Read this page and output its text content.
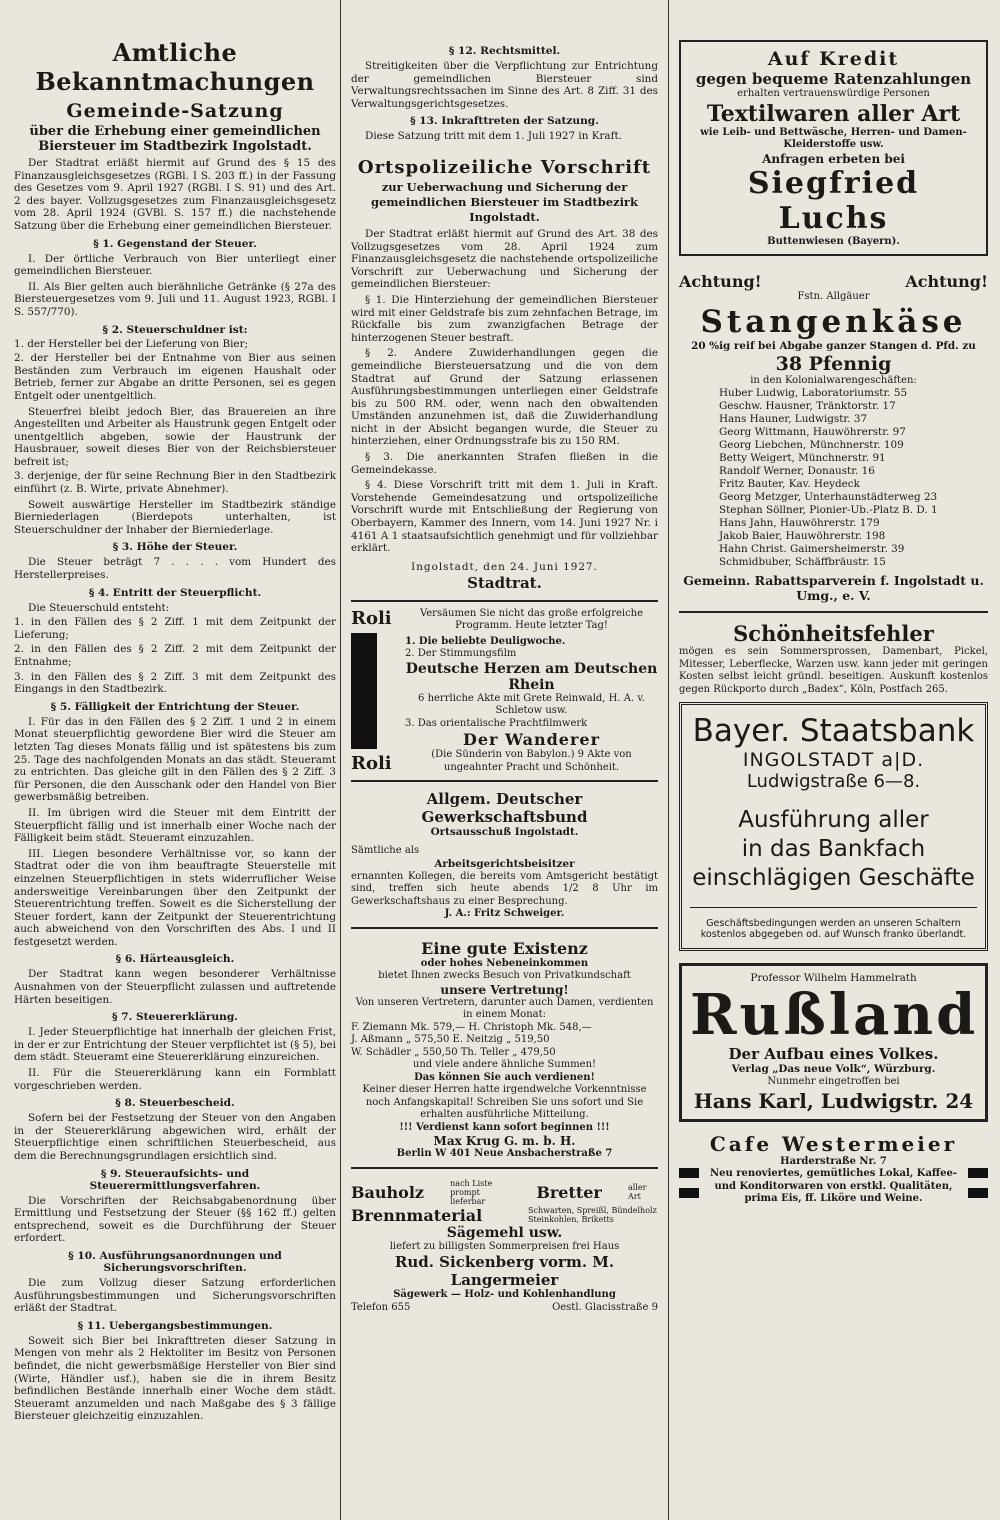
Amtliche Bekanntmachungen
Gemeinde-Satzung
über die Erhebung einer gemeindlichen Biersteuer im Stadtbezirk Ingolstadt.

Der Stadtrat erläßt hiermit auf Grund des § 15 des Finanzausgleichsgesetzes (RGBl. I S. 203 ff.) in der Fassung des Gesetzes vom 9. April 1927 (RGBl. I S. 91) und des Art. 2 des bayer. Vollzugsgesetzes zum Finanzausgleichsgesetz vom 28. April 1924 (GVBl. S. 157 ff.) die nachstehende Satzung über die Erhebung einer gemeindlichen Biersteuer.

§ 1. Gegenstand der Steuer.

I. Der örtliche Verbrauch von Bier unterliegt einer gemeindlichen Biersteuer.

II. Als Bier gelten auch bierähnliche Getränke (§ 27a des Biersteuergesetzes vom 9. Juli und 11. August 1923, RGBl. I S. 557/770).

§ 2. Steuerschuldner ist:

1. der Hersteller bei der Lieferung von Bier;

2. der Hersteller bei der Entnahme von Bier aus seinen Beständen zum Verbrauch im eigenen Haushalt oder Betrieb, ferner zur Abgabe an dritte Personen, sei es gegen Entgelt oder unentgeltlich.

Steuerfrei bleibt jedoch Bier, das Brauereien an ihre Angestellten und Arbeiter als Haustrunk gegen Entgelt oder unentgeltlich abgeben, sowie der Haustrunk der Hausbrauer, soweit dieses Bier von der Reichsbiersteuer befreit ist;

3. derjenige, der für seine Rechnung Bier in den Stadtbezirk einführt (z. B. Wirte, private Abnehmer).

Soweit auswärtige Hersteller im Stadtbezirk ständige Bierniederlagen (Bierdepots unterhalten, ist Steuerschuldner der Inhaber der Bierniederlage.

§ 3. Höhe der Steuer.

Die Steuer beträgt 7 . . . . vom Hundert des Herstellerpreises.

§ 4. Entritt der Steuerpflicht.

Die Steuerschuld entsteht:

1. in den Fällen des § 2 Ziff. 1 mit dem Zeitpunkt der Lieferung;

2. in den Fällen des § 2 Ziff. 2 mit dem Zeitpunkt der Entnahme;

3. in den Fällen des § 2 Ziff. 3 mit dem Zeitpunkt des Eingangs in den Stadtbezirk.

§ 5. Fälligkeit der Entrichtung der Steuer.

I. Für das in den Fällen des § 2 Ziff. 1 und 2 in einem Monat steuerpflichtig gewordene Bier wird die Steuer am letzten Tag dieses Monats fällig und ist spätestens bis zum 25. Tage des nachfolgenden Monats an das städt. Steueramt zu entrichten. Das gleiche gilt in den Fällen des § 2 Ziff. 3 für Personen, die den Ausschank oder den Handel von Bier gewerbsmäßig betreiben.

II. Im übrigen wird die Steuer mit dem Eintritt der Steuerpflicht fällig und ist innerhalb einer Woche nach der Fälligkeit beim städt. Steueramt einzuzahlen.

III. Liegen besondere Verhältnisse vor, so kann der Stadtrat oder die von ihm beauftragte Steuerstelle mit einzelnen Steuerpflichtigen in stets widerruflicher Weise andersweitige Vereinbarungen über den Zeitpunkt der Steuerentrichtung treffen. Soweit es die Sicherstellung der Steuer fordert, kann der Zeitpunkt der Steuerentrichtung auch abweichend von den Vorschriften des Abs. I und II festgesetzt werden.

§ 6. Härteausgleich.

Der Stadtrat kann wegen besonderer Verhältnisse Ausnahmen von der Steuerpflicht zulassen und auftretende Härten beseitigen.

§ 7. Steuererklärung.

I. Jeder Steuerpflichtige hat innerhalb der gleichen Frist, in der er zur Entrichtung der Steuer verpflichtet ist (§ 5), bei dem städt. Steueramt eine Steuererklärung einzureichen.

II. Für die Steuererklärung kann ein Formblatt vorgeschrieben werden.

§ 8. Steuerbescheid.

Sofern bei der Festsetzung der Steuer von den Angaben in der Steuererklärung abgewichen wird, erhält der Steuerpflichtige einen schriftlichen Steuerbescheid, aus dem die Berechnungsgrundlagen ersichtlich sind.

§ 9. Steueraufsichts- und Steuerermittlungsverfahren.

Die Vorschriften der Reichsabgabenordnung über Ermittlung und Festsetzung der Steuer (§§ 162 ff.) gelten entsprechend, soweit es die Durchführung der Steuer erfordert.

§ 10. Ausführungsanordnungen und Sicherungsvorschriften.

Die zum Vollzug dieser Satzung erforderlichen Ausführungsbestimmungen und Sicherungsvorschriften erläßt der Stadtrat.

§ 11. Uebergangsbestimmungen.

Soweit sich Bier bei Inkrafttreten dieser Satzung in Mengen von mehr als 2 Hektoliter im Besitz von Personen befindet, die nicht gewerbsmäßige Hersteller von Bier sind (Wirte, Händler usf.), haben sie die in ihrem Besitz befindlichen Bestände innerhalb einer Woche dem städt. Steueramt anzumelden und nach Maßgabe des § 3 fällige Biersteuer gleichzeitig einzuzahlen.

§ 12. Rechtsmittel.

Streitigkeiten über die Verpflichtung zur Entrichtung der gemeindlichen Biersteuer sind Verwaltungsrechtssachen im Sinne des Art. 8 Ziff. 31 des Verwaltungsgerichtsgesetzes.

§ 13. Inkrafttreten der Satzung.

Diese Satzung tritt mit dem 1. Juli 1927 in Kraft.

Ortspolizeiliche Vorschrift
zur Ueberwachung und Sicherung der gemeindlichen Biersteuer im Stadtbezirk Ingolstadt.

Der Stadtrat erläßt hiermit auf Grund des Art. 38 des Vollzugsgesetzes vom 28. April 1924 zum Finanzausgleichsgesetz die nachstehende ortspolizeiliche Vorschrift zur Ueberwachung und Sicherung der gemeindlichen Biersteuer:

§ 1. Die Hinterziehung der gemeindlichen Biersteuer wird mit einer Geldstrafe bis zum zehnfachen Betrage, im Rückfalle bis zum zwanzigfachen Betrage der hinterzogenen Steuer bestraft.

§ 2. Andere Zuwiderhandlungen gegen die gemeindliche Biersteuersatzung und die von dem Stadtrat auf Grund der Satzung erlassenen Ausführungsbestimmungen unterliegen einer Geldstrafe bis zu 500 RM. oder, wenn nach den obwaltenden Umständen anzunehmen ist, daß die Zuwiderhandlung nicht in der Absicht begangen wurde, die Steuer zu hinterziehen, einer Ordnungsstrafe bis zu 150 RM.

§ 3. Die anerkannten Strafen fließen in die Gemeindekasse.

§ 4. Diese Vorschrift tritt mit dem 1. Juli in Kraft. Vorstehende Gemeindesatzung und ortspolizeiliche Vorschrift wurde mit Entschließung der Regierung von Oberbayern, Kammer des Innern, vom 14. Juni 1927 Nr. i 4161 A 1 staatsaufsichtlich genehmigt und für vollziehbar erklärt.

Ingolstadt, den 24. Juni 1927.
Stadtrat.
Roli
Roli

Versäumen Sie nicht das große erfolgreiche Programm. Heute letzter Tag!

1. Die beliebte Deuligwoche.

2. Der Stimmungsfilm

Deutsche Herzen am Deutschen Rhein

6 herrliche Akte mit Grete Reinwald, H. A. v. Schletow usw.

3. Das orientalische Prachtfilmwerk

Der Wanderer

(Die Sünderin von Babylon.) 9 Akte von ungeahnter Pracht und Schönheit.

Allgem. Deutscher Gewerkschaftsbund
Ortsausschuß Ingolstadt.

Sämtliche als

Arbeitsgerichtsbeisitzer

ernannten Kollegen, die bereits vom Amtsgericht bestätigt sind, treffen sich heute abends 1/2 8 Uhr im Gewerkschaftshaus zu einer Besprechung.

J. A.: Fritz Schweiger.

Eine gute Existenz
oder hohes Nebeneinkommen

bietet Ihnen zwecks Besuch von Privatkundschaft

unsere Vertretung!

Von unseren Vertretern, darunter auch Damen, verdienten in einem Monat:

F. Ziemann Mk. 579,— H. Christoph Mk. 548,—

J. Aßmann „ 575,50 E. Neitzig „ 519,50

W. Schädler „ 550,50 Th. Teller „ 479,50

und viele andere ähnliche Summen!

Das können Sie auch verdienen!

Keiner dieser Herren hatte irgendwelche Vorkenntnisse noch Anfangskapital! Schreiben Sie uns sofort und Sie erhalten ausführliche Mitteilung.

!!! Verdienst kann sofort beginnen !!!

Max Krug G. m. b. H.

Berlin W 401 Neue Ansbacherstraße 7

Bauholz	nach Liste prompt lieferbar	Bretter	aller Art
Brennmaterial	Schwarten, Spreißl, Bündelholz Steinkohlen, Briketts
Sägemehl usw.
liefert zu billigsten Sommerpreisen frei Haus
Rud. Sickenberg vorm. M. Langermeier
Sägewerk — Holz- und Kohlenhandlung
Telefon 655	Oestl. Glacisstraße 9
Auf Kredit
gegen bequeme Ratenzahlungen
erhalten vertrauenswürdige Personen
Textilwaren aller Art
wie Leib- und Bettwäsche, Herren- und Damen-Kleiderstoffe usw.
Anfragen erbeten bei
Siegfried Luchs
Buttenwiesen (Bayern).
Achtung!	Achtung!
Fstn. Allgäuer
Stangenkäse
20 %ig reif bei Abgabe ganzer Stangen d. Pfd. zu
38 Pfennig
in den Kolonialwarengeschäften:
Huber Ludwig, Laboratoriumstr. 55
Geschw. Hausner, Tränktorstr. 17
Hans Hauner, Ludwigstr. 37
Georg Wittmann, Hauwöhrerstr. 97
Georg Liebchen, Münchnerstr. 109
Betty Weigert, Münchnerstr. 91
Randolf Werner, Donaustr. 16
Fritz Bauter, Kav. Heydeck
Georg Metzger, Unterhaunstädterweg 23
Stephan Söllner, Pionier-Ub.-Platz B. D. 1
Hans Jahn, Hauwöhrerstr. 179
Jakob Baier, Hauwöhrerstr. 198
Hahn Christ. Gaimersheimerstr. 39
Schmidbuber, Schäffbräustr. 15
Gemeinn. Rabattsparverein f. Ingolstadt u. Umg., e. V.
Schönheitsfehler

mögen es sein Sommersprossen, Damenbart, Pickel, Mitesser, Leberflecke, Warzen usw. kann jeder mit geringen Kosten selbst leicht gründl. beseitigen. Auskunft kostenlos gegen Rückporto durch „Badex“, Köln, Postfach 265.

Bayer. Staatsbank
INGOLSTADT a|D.
Ludwigstraße 6—8.
Ausführung aller
in das Bankfach
einschlägigen Geschäfte
Geschäftsbedingungen werden an unseren Schaltern kostenlos abgegeben od. auf Wunsch franko überlandt.
Professor Wilhelm Hammelrath
Rußland
Der Aufbau eines Volkes.
Verlag „Das neue Volk“, Würzburg.
Nunmehr eingetroffen bei
Hans Karl, Ludwigstr. 24
Cafe Westermeier
Harderstraße Nr. 7

Neu renoviertes, gemütliches Lokal, Kaffee- und Konditorwaren von erstkl. Qualitäten, prima Eis, ff. Liköre und Weine.
